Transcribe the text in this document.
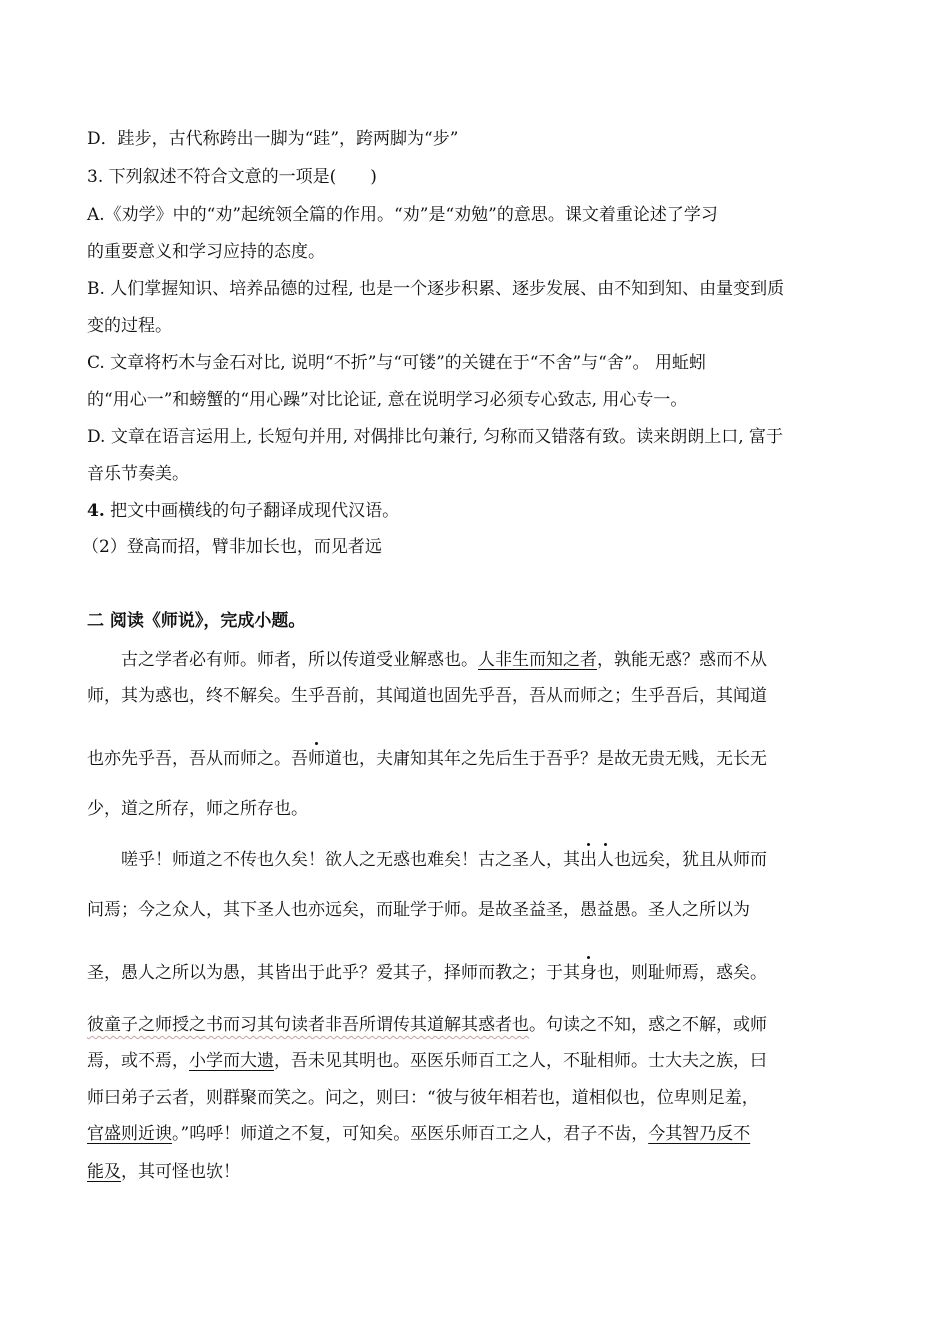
D．跬步，古代称跨出一脚为“跬”，跨两脚为“步”
3. 下列叙述不符合文意的一项是(　　)
A.《劝学》中的“劝”起统领全篇的作用。“劝”是“劝勉”的意思。课文着重论述了学习
的重要意义和学习应持的态度。
B. 人们掌握知识、培养品德的过程, 也是一个逐步积累、逐步发展、由不知到知、由量变到质
变的过程。
C. 文章将朽木与金石对比, 说明“不折”与“可镂”的关键在于“不舍”与“舍”。 用蚯蚓
的“用心一”和螃蟹的“用心躁”对比论证, 意在说明学习必须专心致志, 用心专一。
D. 文章在语言运用上, 长短句并用, 对偶排比句兼行, 匀称而又错落有致。读来朗朗上口, 富于
音乐节奏美。
4. 把文中画横线的句子翻译成现代汉语。
（2）登高而招，臂非加长也，而见者远
二 阅读《师说》，完成小题。
古之学者必有师。师者，所以传道受业解惑也。人非生而知之者，孰能无惑？惑而不从
师，其为惑也，终不解矣。生乎吾前，其闻道也固先乎吾，吾从而师之；生乎吾后，其闻道
也亦先乎吾，吾从而师之。吾师道也，夫庸知其年之先后生于吾乎？是故无贵无贱，无长无
少，道之所存，师之所存也。
嗟乎！师道之不传也久矣！欲人之无惑也难矣！古之圣人，其出人也远矣，犹且从师而
问焉；今之众人，其下圣人也亦远矣，而耻学于师。是故圣益圣，愚益愚。圣人之所以为
圣，愚人之所以为愚，其皆出于此乎？爱其子，择师而教之；于其身也，则耻师焉，惑矣。
彼童子之师授之书而习其句读者非吾所谓传其道解其惑者也。句读之不知，惑之不解，或师
焉，或不焉，小学而大遗，吾未见其明也。巫医乐师百工之人，不耻相师。士大夫之族，曰
师曰弟子云者，则群聚而笑之。问之，则曰：“彼与彼年相若也，道相似也，位卑则足羞，
官盛则近谀。”呜呼！师道之不复，可知矣。巫医乐师百工之人，君子不齿，今其智乃反不
能及，其可怪也欤！
